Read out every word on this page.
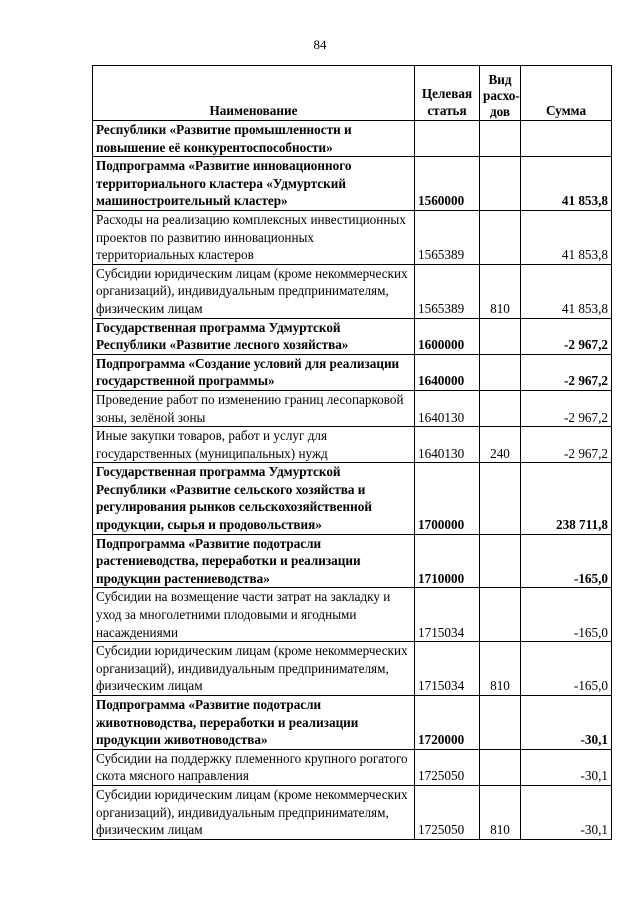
84
Наименование	Целевая статья	Вид расхо-дов	Сумма
Республики «Развитие промышленности и повышение её конкурентоспособности»			
Подпрограмма «Развитие инновационного территориального кластера «Удмуртский машиностроительный кластер»	1560000		41 853,8
Расходы на реализацию комплексных инвестиционных проектов по развитию инновационных территориальных кластеров	1565389		41 853,8
Субсидии юридическим лицам (кроме некоммерческих организаций), индивидуальным предпринимателям, физическим лицам	1565389	810	41 853,8
Государственная программа Удмуртской Республики «Развитие лесного хозяйства»	1600000		-2 967,2
Подпрограмма «Создание условий для реализации государственной программы»	1640000		-2 967,2
Проведение работ по изменению границ лесопарковой зоны, зелёной зоны	1640130		-2 967,2
Иные закупки товаров, работ и услуг для государственных (муниципальных) нужд	1640130	240	-2 967,2
Государственная программа Удмуртской Республики «Развитие сельского хозяйства и регулирования рынков сельскохозяйственной продукции, сырья и продовольствия»	1700000		238 711,8
Подпрограмма «Развитие подотрасли растениеводства, переработки и реализации продукции растениеводства»	1710000		-165,0
Субсидии на возмещение части затрат на закладку и уход за многолетними плодовыми и ягодными насаждениями	1715034		-165,0
Субсидии юридическим лицам (кроме некоммерческих организаций), индивидуальным предпринимателям, физическим лицам	1715034	810	-165,0
Подпрограмма «Развитие подотрасли животноводства, переработки и реализации продукции животноводства»	1720000		-30,1
Субсидии на поддержку племенного крупного рогатого скота мясного направления	1725050		-30,1
Субсидии юридическим лицам (кроме некоммерческих организаций), индивидуальным предпринимателям, физическим лицам	1725050	810	-30,1
